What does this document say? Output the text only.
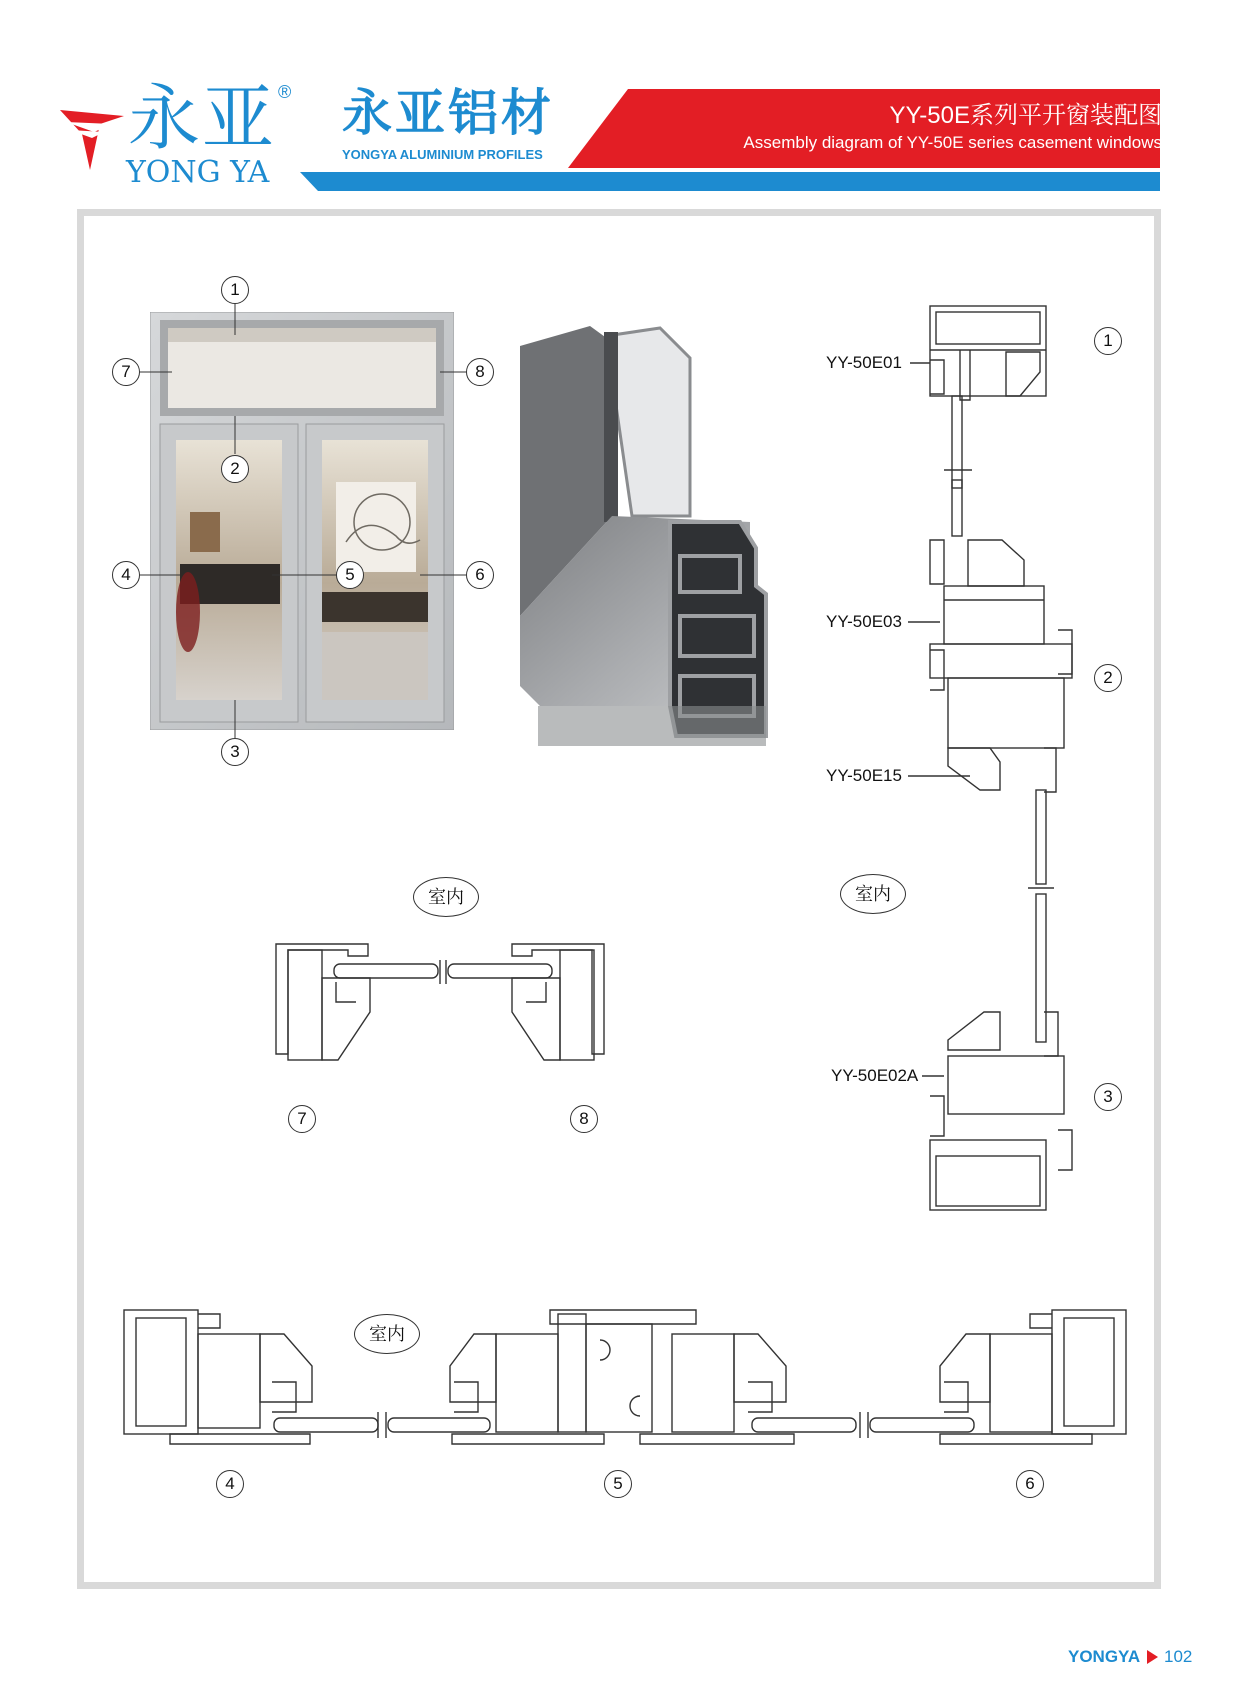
永亚 ®
YONG YA
永亚铝材
YONGYA ALUMINIUM PROFILES
YY-50E系列平开窗装配图
Assembly diagram of YY-50E series casement windows
1
7	8
2
4	5	6
3
YY-50E01
YY-50E03
YY-50E15
YY-50E02A
1
2
3
室内
室内
7	8
室内
4	5	6
YONGYA 102
